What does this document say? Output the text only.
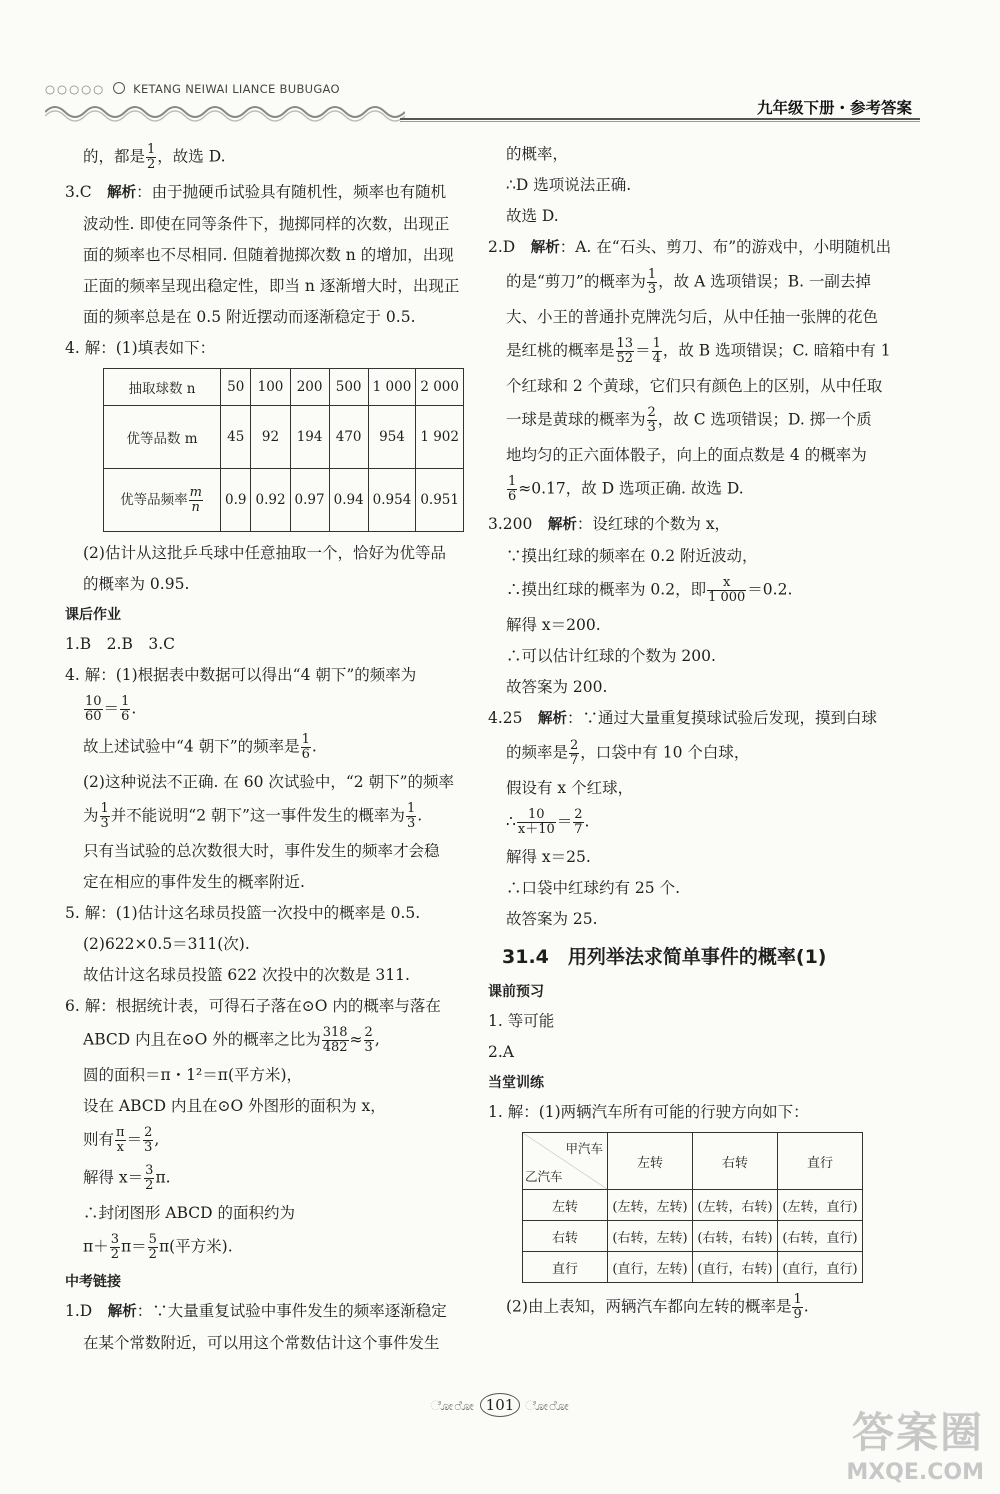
○○○○○ KETANG NEIWAI LIANCE BUBUGAO
九年级下册・参考答案
的，都是 $\frac{1}{2}$ ，故选 D.
3.C　 解析：由于抛硬币试验具有随机性，频率也有随机
波动性. 即使在同等条件下，抛掷同样的次数，出现正
面的频率也不尽相同. 但随着抛掷次数 n 的增加，出现
正面的频率呈现出稳定性，即当 n 逐渐增大时，出现正
面的频率总是在 0.5 附近摆动而逐渐稳定于 0.5.
4. 解：(1)填表如下：
抽取球数 n	50	100	200	500	1 000	2 000
优等品数 m	45	92	194	470	954	1 902
优等品频率 $\frac{m}{n}$	0.9	0.92	0.97	0.94	0.954	0.951
(2)估计从这批乒乓球中任意抽取一个，恰好为优等品
的概率为 0.95.
课后作业
1.B　2.B　3.C
4. 解：(1)根据表中数据可以得出“4 朝下”的频率为
$\frac{10}{60} = \frac{1}{6}$ .
故上述试验中“4 朝下”的频率是 $\frac{1}{6}$ .
(2)这种说法不正确. 在 60 次试验中，“2 朝下”的频率
为 $\frac{1}{3}$ 并不能说明“2 朝下”这一事件发生的概率为 $\frac{1}{3}$ .
只有当试验的总次数很大时，事件发生的频率才会稳
定在相应的事件发生的概率附近.
5. 解：(1)估计这名球员投篮一次投中的概率是 0.5.
(2)622×0.5＝311(次).
故估计这名球员投篮 622 次投中的次数是 311.
6. 解：根据统计表，可得石子落在⊙O 内的概率与落在
ABCD 内且在⊙O 外的概率之比为 $\frac{318}{482} \approx \frac{2}{3}$ ,
圆的面积＝π・1²＝π(平方米)，
设在 ABCD 内且在⊙O 外图形的面积为 x，
则有 $\frac{\pi}{x} = \frac{2}{3}$ ,
解得 $x= \frac{3}{2} \pi$.
∴封闭图形 ABCD 的面积约为
$\pi+ \frac{3}{2} \pi= \frac{5}{2} \pi$(平方米).
中考链接
1.D　 解析：∵大量重复试验中事件发生的频率逐渐稳定
在某个常数附近，可以用这个常数估计这个事件发生
的概率，
∴D 选项说法正确.
故选 D.
2.D　 解析：A. 在“石头、剪刀、布”的游戏中，小明随机出
的是“剪刀”的概率为 $\frac{1}{3}$ ，故 A 选项错误；B. 一副去掉
大、小王的普通扑克牌洗匀后，从中任抽一张牌的花色
是红桃的概率是 $\frac{13}{52} = \frac{1}{4}$ ，故 B 选项错误；C. 暗箱中有 1
个红球和 2 个黄球，它们只有颜色上的区别，从中任取
一球是黄球的概率为 $\frac{2}{3}$ ，故 C 选项错误；D. 掷一个质
地均匀的正六面体骰子，向上的面点数是 4 的概率为
$\frac{1}{6} \approx 0.17$，故 D 选项正确. 故选 D.
3.200　 解析：设红球的个数为 x，
∵摸出红球的频率在 0.2 附近波动，
∴摸出红球的概率为 0.2，即 $\frac{x}{1 000} =0.2$.
解得 x＝200.
∴可以估计红球的个数为 200.
故答案为 200.
4.25　 解析：∵通过大量重复摸球试验后发现，摸到白球
的频率是 $\frac{2}{7}$ ，口袋中有 10 个白球，
假设有 x 个红球，
∴ $\frac{10}{x+10} = \frac{2}{7}$ .
解得 x＝25.
∴口袋中红球约有 25 个.
故答案为 25.
31.4　用列举法求简单事件的概率(1)
课前预习
1. 等可能
2.A
当堂训练
1. 解：(1)两辆汽车所有可能的行驶方向如下：
甲汽车
乙汽车	左转	右转	直行
左转	(左转，左转)	(左转，右转)	(左转，直行)
右转	(右转，左转)	(右转，右转)	(右转，直行)
直行	(直行，左转)	(直行，右转)	(直行，直行)
(2)由上表知，两辆汽车都向左转的概率是 $\frac{1}{9}$ .
ೋ೦ೋ 101 ೋ೦ೋ
答案圈
MXQE.COM
